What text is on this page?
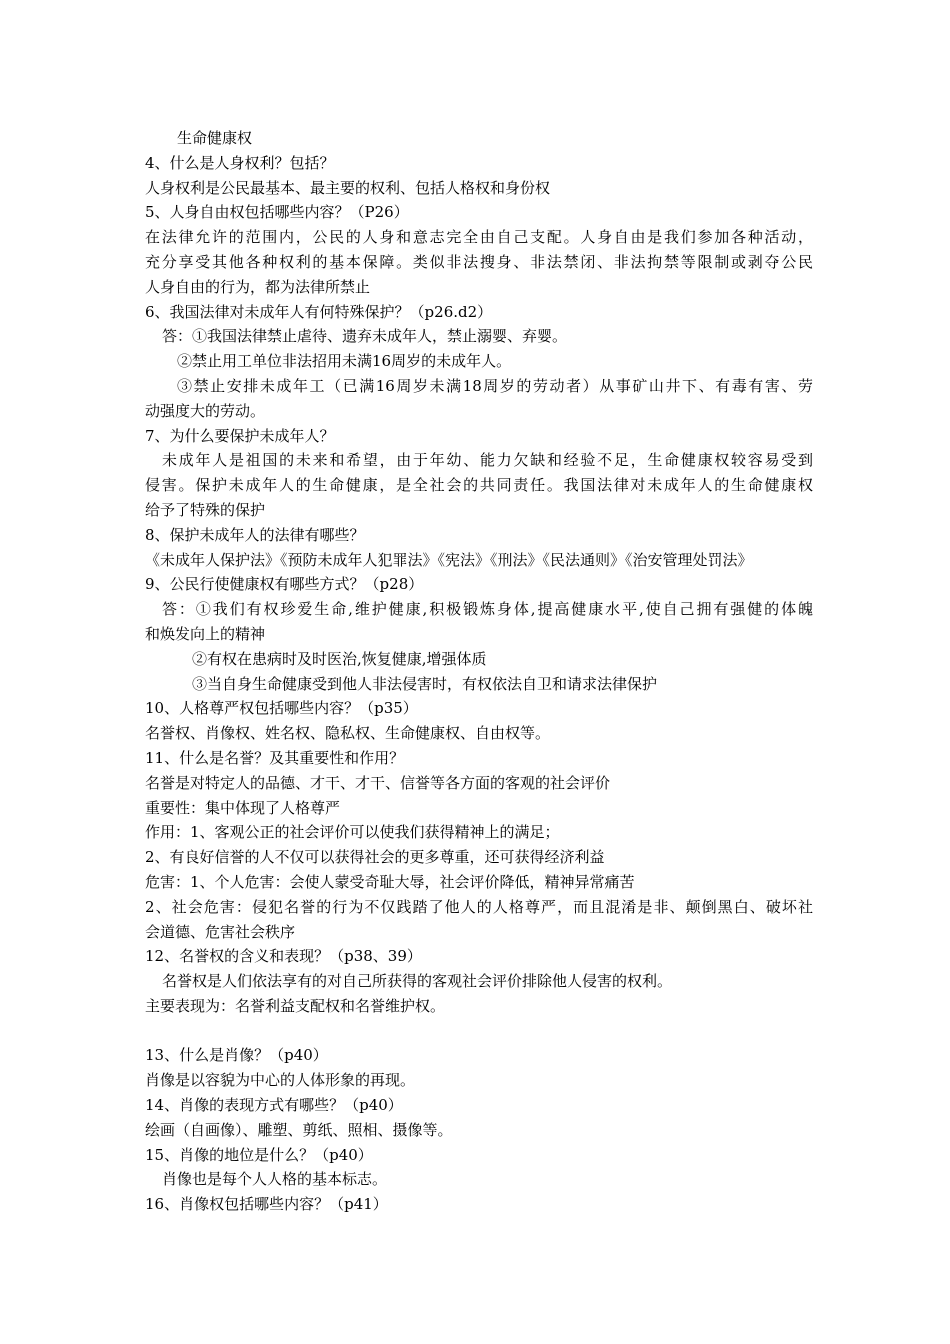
生命健康权
4、什么是人身权利？包括？
人身权利是公民最基本、最主要的权利、包括人格权和身份权
5、人身自由权包括哪些内容？（P26）
在法律允许的范围内，公民的人身和意志完全由自己支配。人身自由是我们参加各种活动，
充分享受其他各种权利的基本保障。类似非法搜身、非法禁闭、非法拘禁等限制或剥夺公民
人身自由的行为，都为法律所禁止
6、我国法律对未成年人有何特殊保护？（p26.d2）
答：①我国法律禁止虐待、遗弃未成年人，禁止溺婴、弃婴。
②禁止用工单位非法招用未满16周岁的未成年人。
③禁止安排未成年工（已满16周岁未满18周岁的劳动者）从事矿山井下、有毒有害、劳
动强度大的劳动。
7、为什么要保护未成年人？
未成年人是祖国的未来和希望，由于年幼、能力欠缺和经验不足，生命健康权较容易受到
侵害。保护未成年人的生命健康，是全社会的共同责任。我国法律对未成年人的生命健康权
给予了特殊的保护
8、保护未成年人的法律有哪些？
《未成年人保护法》《预防未成年人犯罪法》《宪法》《刑法》《民法通则》《治安管理处罚法》
9、公民行使健康权有哪些方式？（p28）
答：①我们有权珍爱生命,维护健康,积极锻炼身体,提高健康水平,使自己拥有强健的体魄
和焕发向上的精神
②有权在患病时及时医治,恢复健康,增强体质
③当自身生命健康受到他人非法侵害时，有权依法自卫和请求法律保护
10、人格尊严权包括哪些内容？（p35）
名誉权、肖像权、姓名权、隐私权、生命健康权、自由权等。
11、什么是名誉？及其重要性和作用？
名誉是对特定人的品德、才干、才干、信誉等各方面的客观的社会评价
重要性：集中体现了人格尊严
作用：1、客观公正的社会评价可以使我们获得精神上的满足；
2、有良好信誉的人不仅可以获得社会的更多尊重，还可获得经济利益
危害：1、个人危害：会使人蒙受奇耻大辱，社会评价降低，精神异常痛苦
2、社会危害：侵犯名誉的行为不仅践踏了他人的人格尊严，而且混淆是非、颠倒黑白、破坏社
会道德、危害社会秩序
12、名誉权的含义和表现？（p38、39）
名誉权是人们依法享有的对自己所获得的客观社会评价排除他人侵害的权利。
主要表现为：名誉利益支配权和名誉维护权。
13、什么是肖像？（p40）
肖像是以容貌为中心的人体形象的再现。
14、肖像的表现方式有哪些？（p40）
绘画（自画像）、雕塑、剪纸、照相、摄像等。
15、肖像的地位是什么？（p40）
肖像也是每个人人格的基本标志。
16、肖像权包括哪些内容？（p41）
